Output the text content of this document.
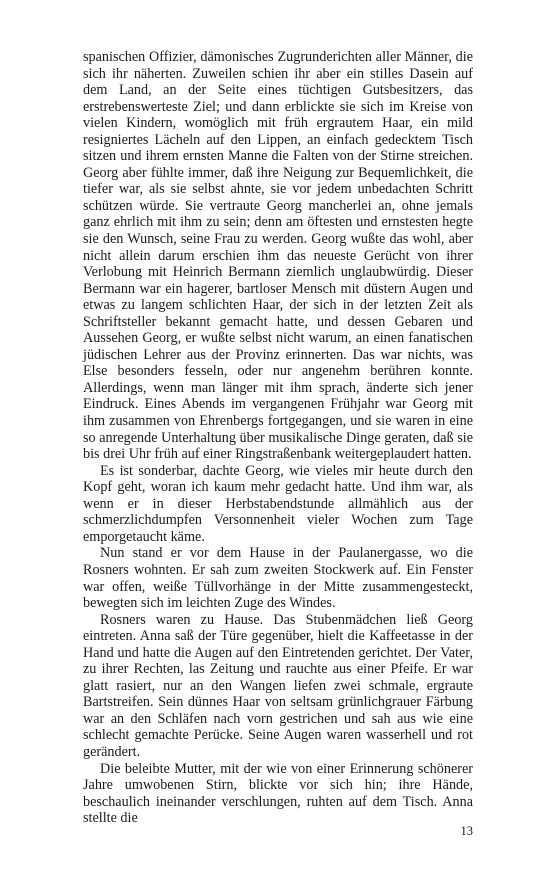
spanischen Offizier, dämonisches Zugrunderichten aller Männer, die sich ihr näherten. Zuweilen schien ihr aber ein stilles Dasein auf dem Land, an der Seite eines tüchtigen Gutsbesitzers, das erstrebenswerteste Ziel; und dann erblickte sie sich im Kreise von vielen Kindern, womöglich mit früh ergrautem Haar, ein mild resigniertes Lächeln auf den Lippen, an einfach gedecktem Tisch sitzen und ihrem ernsten Manne die Falten von der Stirne streichen. Georg aber fühlte immer, daß ihre Neigung zur Bequemlichkeit, die tiefer war, als sie selbst ahnte, sie vor jedem unbedachten Schritt schützen würde. Sie vertraute Georg mancherlei an, ohne jemals ganz ehrlich mit ihm zu sein; denn am öftesten und ernstesten hegte sie den Wunsch, seine Frau zu werden. Georg wußte das wohl, aber nicht allein darum erschien ihm das neueste Gerücht von ihrer Verlobung mit Heinrich Bermann ziemlich unglaubwürdig. Dieser Bermann war ein hagerer, bartloser Mensch mit düstern Augen und etwas zu langem schlichten Haar, der sich in der letzten Zeit als Schriftsteller bekannt gemacht hatte, und dessen Gebaren und Aussehen Georg, er wußte selbst nicht warum, an einen fanatischen jüdischen Lehrer aus der Provinz erinnerten. Das war nichts, was Else besonders fesseln, oder nur angenehm berühren konnte. Allerdings, wenn man länger mit ihm sprach, änderte sich jener Eindruck. Eines Abends im vergangenen Frühjahr war Georg mit ihm zusammen von Ehrenbergs fortgegangen, und sie waren in eine so anregende Unterhaltung über musikalische Dinge geraten, daß sie bis drei Uhr früh auf einer Ringstraßenbank weitergeplaudert hatten.

Es ist sonderbar, dachte Georg, wie vieles mir heute durch den Kopf geht, woran ich kaum mehr gedacht hatte. Und ihm war, als wenn er in dieser Herbstabendstunde allmählich aus der schmerzlichdumpfen Versonnenheit vieler Wochen zum Tage emporgetaucht käme.

Nun stand er vor dem Hause in der Paulanergasse, wo die Rosners wohnten. Er sah zum zweiten Stockwerk auf. Ein Fenster war offen, weiße Tüllvorhänge in der Mitte zusammengesteckt, bewegten sich im leichten Zuge des Windes.

Rosners waren zu Hause. Das Stubenmädchen ließ Georg eintreten. Anna saß der Türe gegenüber, hielt die Kaffeetasse in der Hand und hatte die Augen auf den Eintretenden gerichtet. Der Vater, zu ihrer Rechten, las Zeitung und rauchte aus einer Pfeife. Er war glatt rasiert, nur an den Wangen liefen zwei schmale, ergraute Bartstreifen. Sein dünnes Haar von seltsam grünlichgrauer Färbung war an den Schläfen nach vorn gestrichen und sah aus wie eine schlecht gemachte Perücke. Seine Augen waren wasserhell und rot gerändert.

Die beleibte Mutter, mit der wie von einer Erinnerung schönerer Jahre umwobenen Stirn, blickte vor sich hin; ihre Hände, beschaulich ineinander verschlungen, ruhten auf dem Tisch. Anna stellte die

13
